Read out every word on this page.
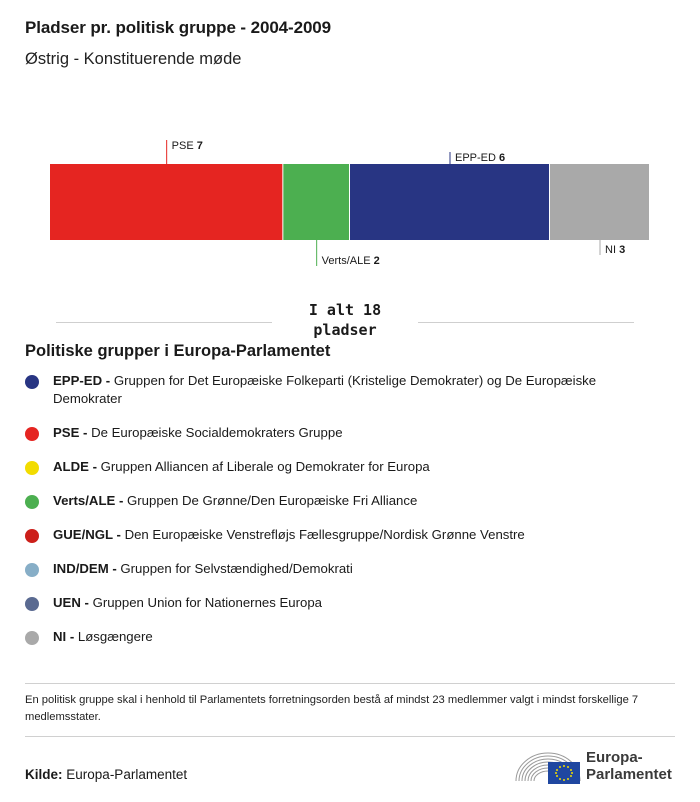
Pladser pr. politisk gruppe - 2004-2009
Østrig - Konstituerende møde
PSE 7
Verts/ALE 2
EPP-ED 6
NI 3
I alt 18 pladser
Politiske grupper i Europa-Parlamentet
EPP-ED - Gruppen for Det Europæiske Folkeparti (Kristelige Demokrater) og De Europæiske Demokrater
PSE - De Europæiske Socialdemokraters Gruppe
ALDE - Gruppen Alliancen af Liberale og Demokrater for Europa
Verts/ALE - Gruppen De Grønne/Den Europæiske Fri Alliance
GUE/NGL - Den Europæiske Venstrefløjs Fællesgruppe/Nordisk Grønne Venstre
IND/DEM - Gruppen for Selvstændighed/Demokrati
UEN - Gruppen Union for Nationernes Europa
NI - Løsgængere
En politisk gruppe skal i henhold til Parlamentets forretningsorden bestå af mindst 23 medlemmer valgt i mindst forskellige 7 medlemsstater.
Kilde: Europa-Parlamentet
Europa-
Parlamentet
